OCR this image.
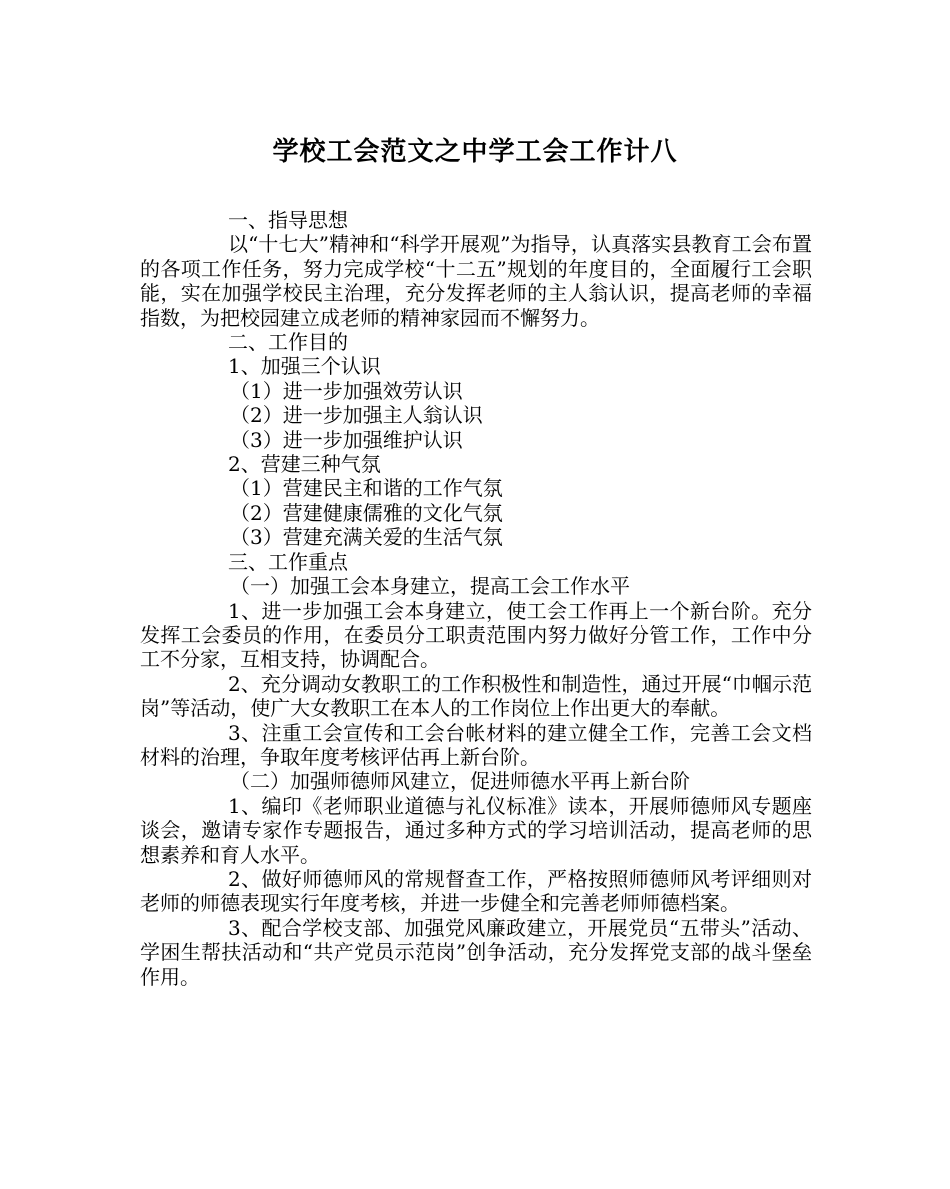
学校工会范文之中学工会工作计八

一、指导思想

以“十七大”精神和“科学开展观”为指导，认真落实县教育工会布置的各项工作任务，努力完成学校“十二五”规划的年度目的，全面履行工会职能，实在加强学校民主治理，充分发挥老师的主人翁认识，提高老师的幸福指数，为把校园建立成老师的精神家园而不懈努力。

二、工作目的

1、加强三个认识

（1）进一步加强效劳认识

（2）进一步加强主人翁认识

（3）进一步加强维护认识

2、营建三种气氛

（1）营建民主和谐的工作气氛

（2）营建健康儒雅的文化气氛

（3）营建充满关爱的生活气氛

三、工作重点

（一）加强工会本身建立，提高工会工作水平

1、进一步加强工会本身建立，使工会工作再上一个新台阶。充分发挥工会委员的作用，在委员分工职责范围内努力做好分管工作，工作中分工不分家，互相支持，协调配合。

2、充分调动女教职工的工作积极性和制造性，通过开展“巾帼示范岗”等活动，使广大女教职工在本人的工作岗位上作出更大的奉献。

3、注重工会宣传和工会台帐材料的建立健全工作，完善工会文档材料的治理，争取年度考核评估再上新台阶。

（二）加强师德师风建立，促进师德水平再上新台阶

1、编印《老师职业道德与礼仪标准》读本，开展师德师风专题座谈会，邀请专家作专题报告，通过多种方式的学习培训活动，提高老师的思想素养和育人水平。

2、做好师德师风的常规督查工作，严格按照师德师风考评细则对老师的师德表现实行年度考核，并进一步健全和完善老师师德档案。

3、配合学校支部、加强党风廉政建立，开展党员“五带头”活动、学困生帮扶活动和“共产党员示范岗”创争活动，充分发挥党支部的战斗堡垒作用。
